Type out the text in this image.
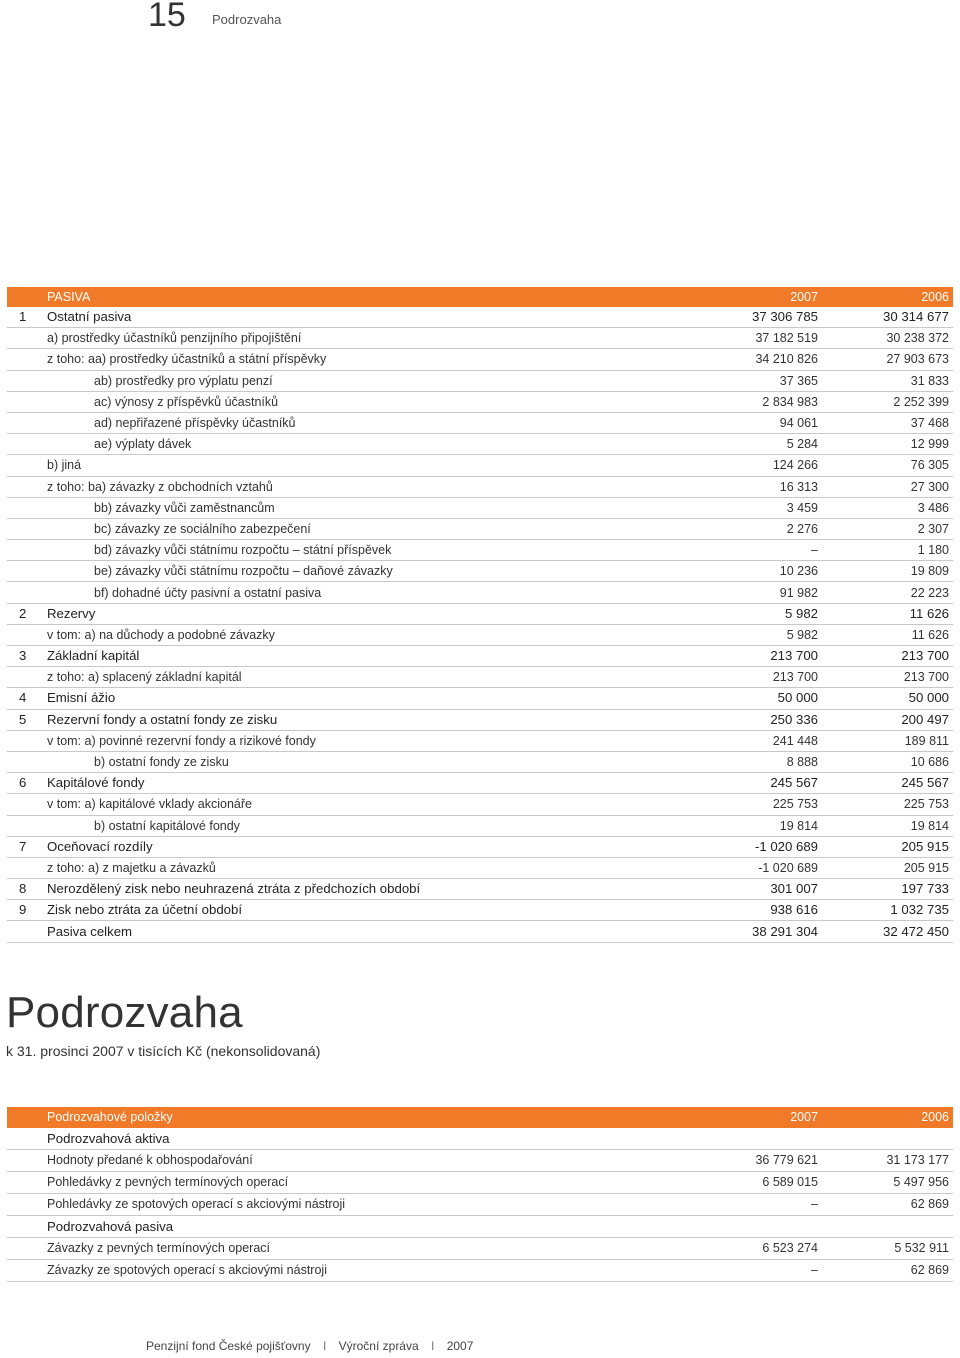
15 Podrozvaha
	PASIVA	2007	2006
1	Ostatní pasiva	37 306 785	30 314 677
	a) prostředky účastníků penzijního připojištění	37 182 519	30 238 372
	z toho: aa) prostředky účastníků a státní příspěvky	34 210 826	27 903 673
	ab) prostředky pro výplatu penzí	37 365	31 833
	ac) výnosy z příspěvků účastníků	2 834 983	2 252 399
	ad) nepřiřazené příspěvky účastníků	94 061	37 468
	ae) výplaty dávek	5 284	12 999
	b) jiná	124 266	76 305
	z toho: ba) závazky z obchodních vztahů	16 313	27 300
	bb) závazky vůči zaměstnancům	3 459	3 486
	bc) závazky ze sociálního zabezpečení	2 276	2 307
	bd) závazky vůči státnímu rozpočtu – státní příspěvek	–	1 180
	be) závazky vůči státnímu rozpočtu – daňové závazky	10 236	19 809
	bf) dohadné účty pasivní a ostatní pasiva	91 982	22 223
2	Rezervy	5 982	11 626
	v tom: a) na důchody a podobné závazky	5 982	11 626
3	Základní kapitál	213 700	213 700
	z toho: a) splacený základní kapitál	213 700	213 700
4	Emisní ážio	50 000	50 000
5	Rezervní fondy a ostatní fondy ze zisku	250 336	200 497
	v tom: a) povinné rezervní fondy a rizikové fondy	241 448	189 811
	b) ostatní fondy ze zisku	8 888	10 686
6	Kapitálové fondy	245 567	245 567
	v tom: a) kapitálové vklady akcionáře	225 753	225 753
	b) ostatní kapitálové fondy	19 814	19 814
7	Oceňovací rozdíly	-1 020 689	205 915
	z toho: a) z majetku a závazků	-1 020 689	205 915
8	Nerozdělený zisk nebo neuhrazená ztráta z předchozích období	301 007	197 733
9	Zisk nebo ztráta za účetní období	938 616	1 032 735
	Pasiva celkem	38 291 304	32 472 450
Podrozvaha
k 31. prosinci 2007 v tisících Kč (nekonsolidovaná)
	Podrozvahové položky	2007	2006
	Podrozvahová aktiva		
	Hodnoty předané k obhospodařování	36 779 621	31 173 177
	Pohledávky z pevných termínových operací	6 589 015	5 497 956
	Pohledávky ze spotových operací s akciovými nástroji	–	62 869
	Podrozvahová pasiva		
	Závazky z pevných termínových operací	6 523 274	5 532 911
	Závazky ze spotových operací s akciovými nástroji	–	62 869
Penzijní fond České pojišťovny I Výroční zpráva I 2007
